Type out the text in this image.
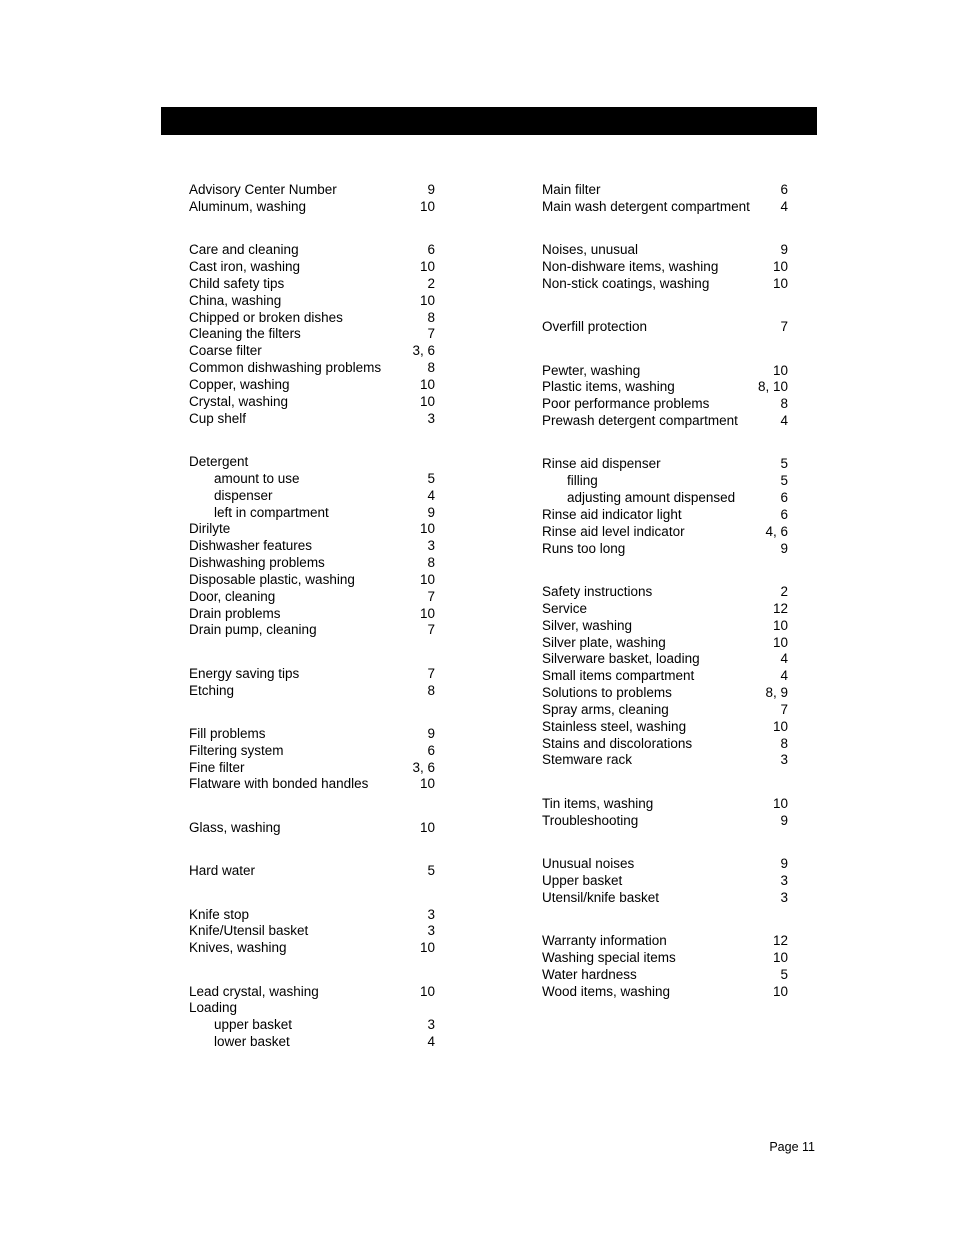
Advisory Center Number	9
Aluminum, washing	10
Care and cleaning	6
Cast iron, washing	10
Child safety tips	2
China, washing	10
Chipped or broken dishes	8
Cleaning the filters	7
Coarse filter	3, 6
Common dishwashing problems	8
Copper, washing	10
Crystal, washing	10
Cup shelf	3
Detergent
amount to use	5
dispenser	4
left in compartment	9
Dirilyte	10
Dishwasher features	3
Dishwashing problems	8
Disposable plastic, washing	10
Door, cleaning	7
Drain problems	10
Drain pump, cleaning	7
Energy saving tips	7
Etching	8
Fill problems	9
Filtering system	6
Fine filter	3, 6
Flatware with bonded handles	10
Glass, washing	10
Hard water	5
Knife stop	3
Knife/Utensil basket	3
Knives, washing	10
Lead crystal, washing	10
Loading
upper basket	3
lower basket	4
Main filter	6
Main wash detergent compartment	4
Noises, unusual	9
Non-dishware items, washing	10
Non-stick coatings, washing	10
Overfill protection	7
Pewter, washing	10
Plastic items, washing	8, 10
Poor performance problems	8
Prewash detergent compartment	4
Rinse aid dispenser	5
filling	5
adjusting amount dispensed	6
Rinse aid indicator light	6
Rinse aid level indicator	4, 6
Runs too long	9
Safety instructions	2
Service	12
Silver, washing	10
Silver plate, washing	10
Silverware basket, loading	4
Small items compartment	4
Solutions to problems	8, 9
Spray arms, cleaning	7
Stainless steel, washing	10
Stains and discolorations	8
Stemware rack	3
Tin items, washing	10
Troubleshooting	9
Unusual noises	9
Upper basket	3
Utensil/knife basket	3
Warranty information	12
Washing special items	10
Water hardness	5
Wood items, washing	10
Page 11
